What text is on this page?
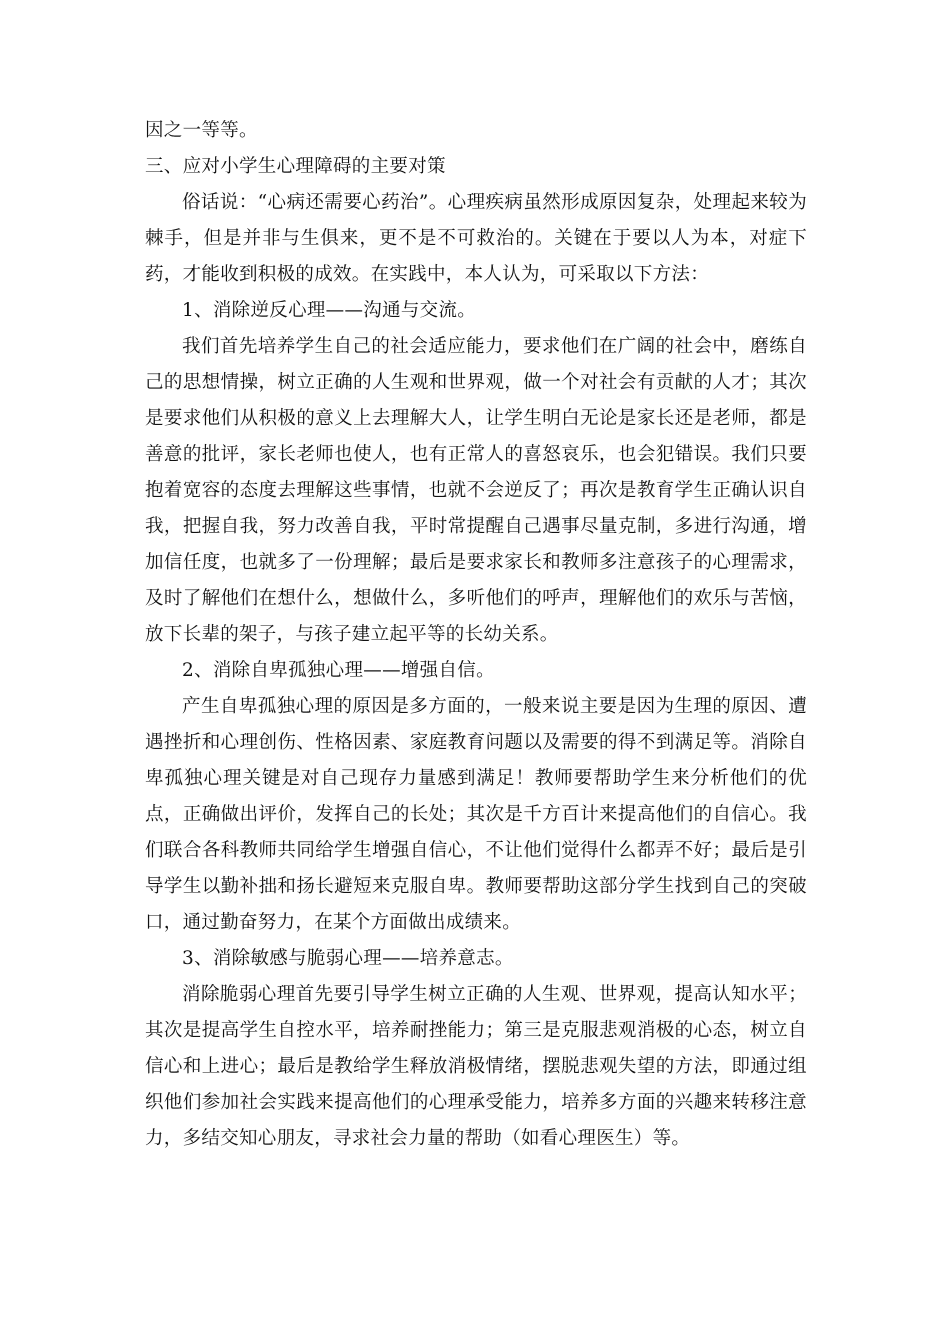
因之一等等。

三、应对小学生心理障碍的主要对策

俗话说：“心病还需要心药治”。心理疾病虽然形成原因复杂，处理起来较为棘手，但是并非与生俱来，更不是不可救治的。关键在于要以人为本，对症下药，才能收到积极的成效。在实践中，本人认为，可采取以下方法：

1、消除逆反心理——沟通与交流。

我们首先培养学生自己的社会适应能力，要求他们在广阔的社会中，磨练自己的思想情操，树立正确的人生观和世界观，做一个对社会有贡献的人才；其次是要求他们从积极的意义上去理解大人，让学生明白无论是家长还是老师，都是善意的批评，家长老师也使人，也有正常人的喜怒哀乐，也会犯错误。我们只要抱着宽容的态度去理解这些事情，也就不会逆反了；再次是教育学生正确认识自我，把握自我，努力改善自我，平时常提醒自己遇事尽量克制，多进行沟通，增加信任度，也就多了一份理解；最后是要求家长和教师多注意孩子的心理需求，及时了解他们在想什么，想做什么，多听他们的呼声，理解他们的欢乐与苦恼，放下长辈的架子，与孩子建立起平等的长幼关系。

2、消除自卑孤独心理——增强自信。

产生自卑孤独心理的原因是多方面的，一般来说主要是因为生理的原因、遭遇挫折和心理创伤、性格因素、家庭教育问题以及需要的得不到满足等。消除自卑孤独心理关键是对自己现存力量感到满足！教师要帮助学生来分析他们的优点，正确做出评价，发挥自己的长处；其次是千方百计来提高他们的自信心。我们联合各科教师共同给学生增强自信心，不让他们觉得什么都弄不好；最后是引导学生以勤补拙和扬长避短来克服自卑。教师要帮助这部分学生找到自己的突破口，通过勤奋努力，在某个方面做出成绩来。

3、消除敏感与脆弱心理——培养意志。

消除脆弱心理首先要引导学生树立正确的人生观、世界观，提高认知水平；其次是提高学生自控水平，培养耐挫能力；第三是克服悲观消极的心态，树立自信心和上进心；最后是教给学生释放消极情绪，摆脱悲观失望的方法，即通过组织他们参加社会实践来提高他们的心理承受能力，培养多方面的兴趣来转移注意力，多结交知心朋友，寻求社会力量的帮助（如看心理医生）等。
